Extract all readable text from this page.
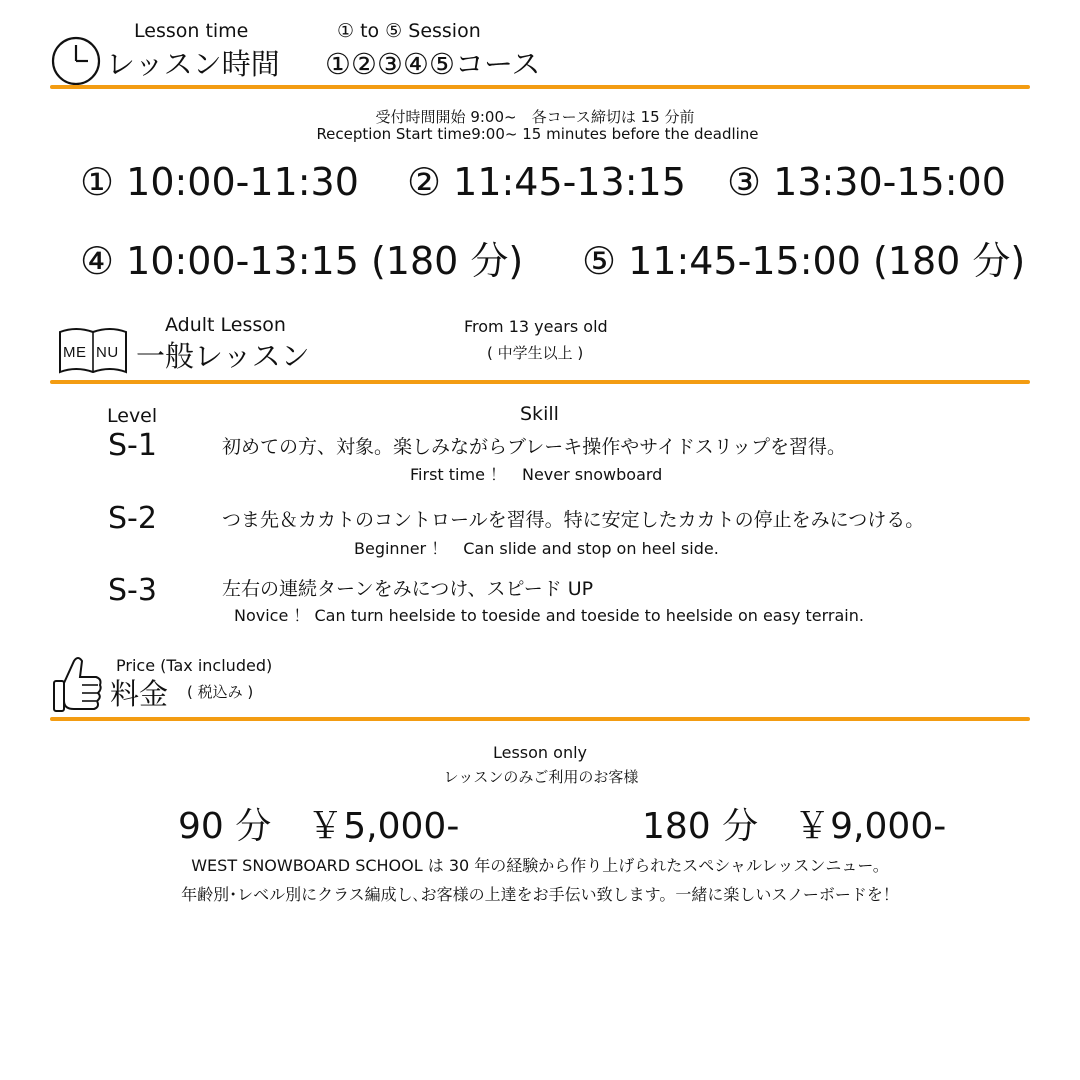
Lesson time
レッスン時間
① to ⑤ Session
①②③④⑤コース
受付時間開始 9:00~　各コース締切は 15 分前
Reception Start time9:00~ 15 minutes before the deadline
① 10:00-11:30 ② 11:45-13:15 ③ 13:30-15:00
④ 10:00-13:15 (180 分) ⑤ 11:45-15:00 (180 分)
ME NU
Adult Lesson
一般レッスン
From 13 years old
( 中学生以上 )
Level	Skill
S-1	初めての方、対象。楽しみながらブレーキ操作やサイドスリップを習得。
First time ！　Never snowboard
S-2	つま先＆カカトのコントロールを習得。特に安定したカカトの停止をみにつける。
Beginner ！　Can slide and stop on heel side.
S-3	左右の連続ターンをみにつけ、スピード UP
Novice ！ Can turn heelside to toeside and toeside to heelside on easy terrain.
Price (Tax included)
料金 ( 税込み )
Lesson only
レッスンのみご利用のお客様
90 分　￥5,000-	180 分　￥9,000-
WEST SNOWBOARD SCHOOL は 30 年の経験から作り上げられたスペシャルレッスンニュー。
年齢別･レベル別にクラス編成し､お客様の上達をお手伝い致します。一緒に楽しいスノーボードを！
